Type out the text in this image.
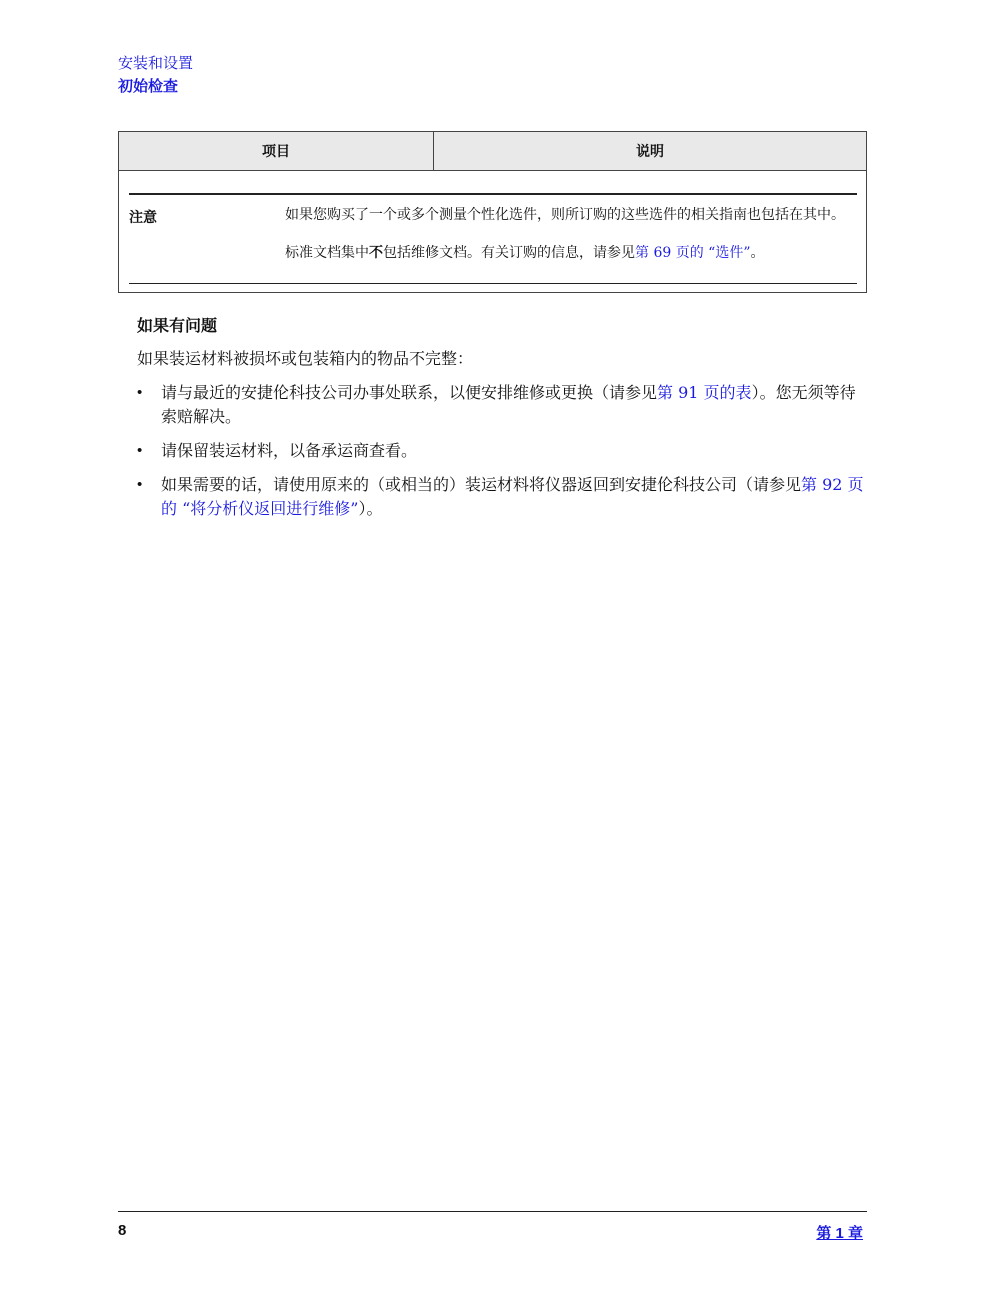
安装和设置
初始检查
项目	说明
注意	如果您购买了一个或多个测量个性化选件，则所订购的这些选件的相关指南也包括在其中。

标准文档集中不包括维修文档。有关订购的信息，请参见第 69 页的 “选件”。

如果有问题

如果装运材料被损坏或包装箱内的物品不完整：

• 请与最近的安捷伦科技公司办事处联系，以便安排维修或更换（请参见第 91 页的表）。您无须等待索赔解决。
• 请保留装运材料，以备承运商查看。
• 如果需要的话，请使用原来的（或相当的）装运材料将仪器返回到安捷伦科技公司（请参见第 92 页的 “将分析仪返回进行维修”）。
8	第 1 章
